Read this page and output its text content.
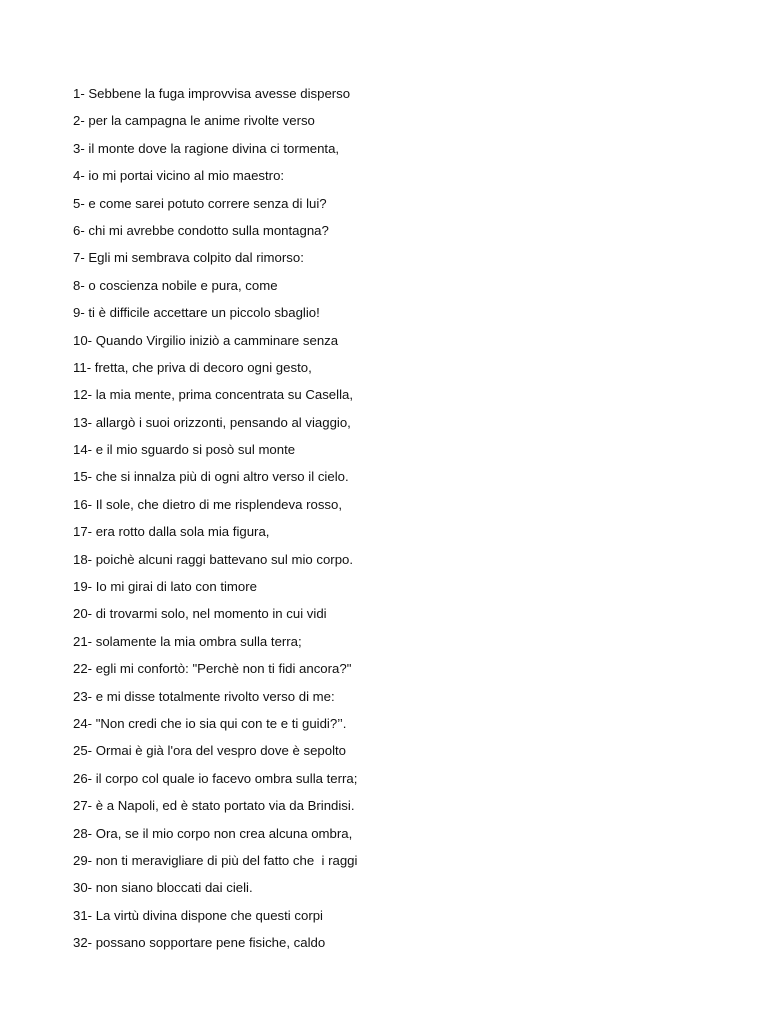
1- Sebbene la fuga improvvisa avesse disperso
2- per la campagna le anime rivolte verso
3- il monte dove la ragione divina ci tormenta,
4- io mi portai vicino al mio maestro:
5- e come sarei potuto correre senza di lui?
6- chi mi avrebbe condotto sulla montagna?
7- Egli mi sembrava colpito dal rimorso:
8- o coscienza nobile e pura, come
9- ti è difficile accettare un piccolo sbaglio!
10- Quando Virgilio iniziò a camminare senza
11- fretta, che priva di decoro ogni gesto,
12- la mia mente, prima concentrata su Casella,
13- allargò i suoi orizzonti, pensando al viaggio,
14- e il mio sguardo si posò sul monte
15- che si innalza più di ogni altro verso il cielo.
16- Il sole, che dietro di me risplendeva rosso,
17- era rotto dalla sola mia figura,
18- poichè alcuni raggi battevano sul mio corpo.
19- Io mi girai di lato con timore
20- di trovarmi solo, nel momento in cui vidi
21- solamente la mia ombra sulla terra;
22- egli mi confortò: "Perchè non ti fidi ancora?"
23- e mi disse totalmente rivolto verso di me:
24- "Non credi che io sia qui con te e ti guidi?’’.
25- Ormai è già l'ora del vespro dove è sepolto
26- il corpo col quale io facevo ombra sulla terra;
27- è a Napoli, ed è stato portato via da Brindisi.
28- Ora, se il mio corpo non crea alcuna ombra,
29- non ti meravigliare di più del fatto che  i raggi
30- non siano bloccati dai cieli.
31- La virtù divina dispone che questi corpi
32- possano sopportare pene fisiche, caldo
